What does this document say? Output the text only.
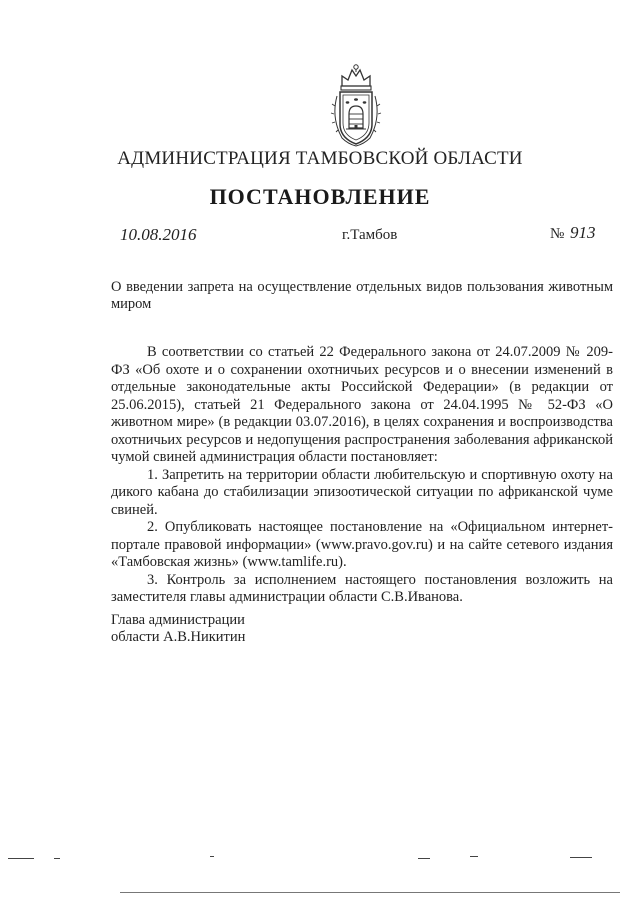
АДМИНИСТРАЦИЯ ТАМБОВСКОЙ ОБЛАСТИ
ПОСТАНОВЛЕНИЕ
10.08.2016	г.Тамбов	№ 913
О введении запрета на осуществление отдельных видов пользования животным миром

В соответствии со статьей 22 Федерального закона от 24.07.2009 № 209-ФЗ «Об охоте и о сохранении охотничьих ресурсов и о внесении изменений в отдельные законодательные акты Российской Федерации» (в редакции от 25.06.2015), статьей 21 Федерального закона от 24.04.1995 № 52-ФЗ «О животном мире» (в редакции 03.07.2016), в целях сохранения и воспроизводства охотничьих ресурсов и недопущения распространения заболевания африканской чумой свиней администрация области постановляет:

1. Запретить на территории области любительскую и спортивную охоту на дикого кабана до стабилизации эпизоотической ситуации по африканской чуме свиней.

2. Опубликовать настоящее постановление на «Официальном интернет-портале правовой информации» (www.pravo.gov.ru) и на сайте сетевого издания «Тамбовская жизнь» (www.tamlife.ru).

3. Контроль за исполнением настоящего постановления возложить на заместителя главы администрации области С.В.Иванова.

Глава администрации
области А.В.Никитин
